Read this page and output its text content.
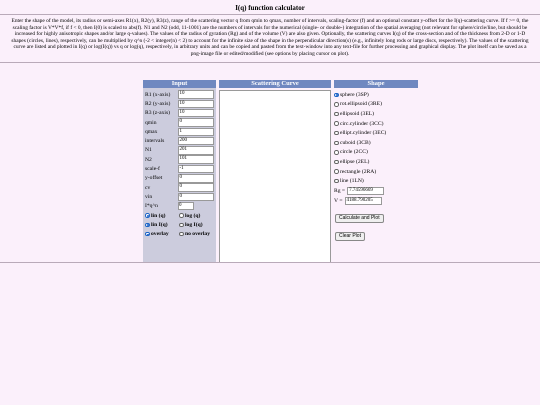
I(q) function calculator
Enter the shape of the model, its radius or semi-axes R1(x), R2(y), R3(z), range of the scattering vector q from qmin to qmax, number of intervals, scaling-factor (f) and an optional constant y-offset for the I(q)-scattering curve. If f >= 0, the scaling factor is V*V*f, if f < 0, then I(0) is scaled to abs(f). N1 and N2 (odd, 11-1001) are the numbers of intervals for the numerical (single- or double-) integration of the spatial averaging (not relevant for sphere/circle/line, but should be increased for highly anisotropic shapes and/or large q-values). The values of the radius of gyration (Rg) and of the volume (V) are also given. Optionally, the scattering curves I(q) of the cross-section and of the thickness from 2-D or 1-D shapes (circles, lines), respectively, can be multiplied by q^n (-2 < integer(n) < 2) to account for the infinite size of the shape in the perpendicular direction(s) (e.g., infinitely long rods or large discs, respectively). The values of the scattering curve are listed and plotted in I(q) or log(I(q)) vs q or log(q), respectively, in arbitrary units and can be copied and pasted from the text-window into any text-file for further processing and graphical display. The plot itself can be saved as a png-image file or edited/modified (see options by placing cursor on plot).
Input
R1 (x-axis)	10
R2 (y-axis)	10
R3 (z-axis)	10
qmin	0
qmax	1
intervals	200
N1	201
N2	101
scale-f	-1
y-offset	0
cv	0
vin	0
I*q^n	0
lin (q)	log (q)
lin I(q)	log I(q)
overlay	no overlay
Scattering Curve	Shape
sphere (3SP)
rot.ellipsoid (3RE)
ellipsoid (3EL)
circ.cylinder (3CC)
ellipt.cylinder (3EC)
cuboid (3CB)
circle (2CC)
ellipse (2EL)
rectangle (2RA)
line (1LN)
Rg = 7.74596669
V = 4188.790205
Calculate and Plot
Clear Plot
